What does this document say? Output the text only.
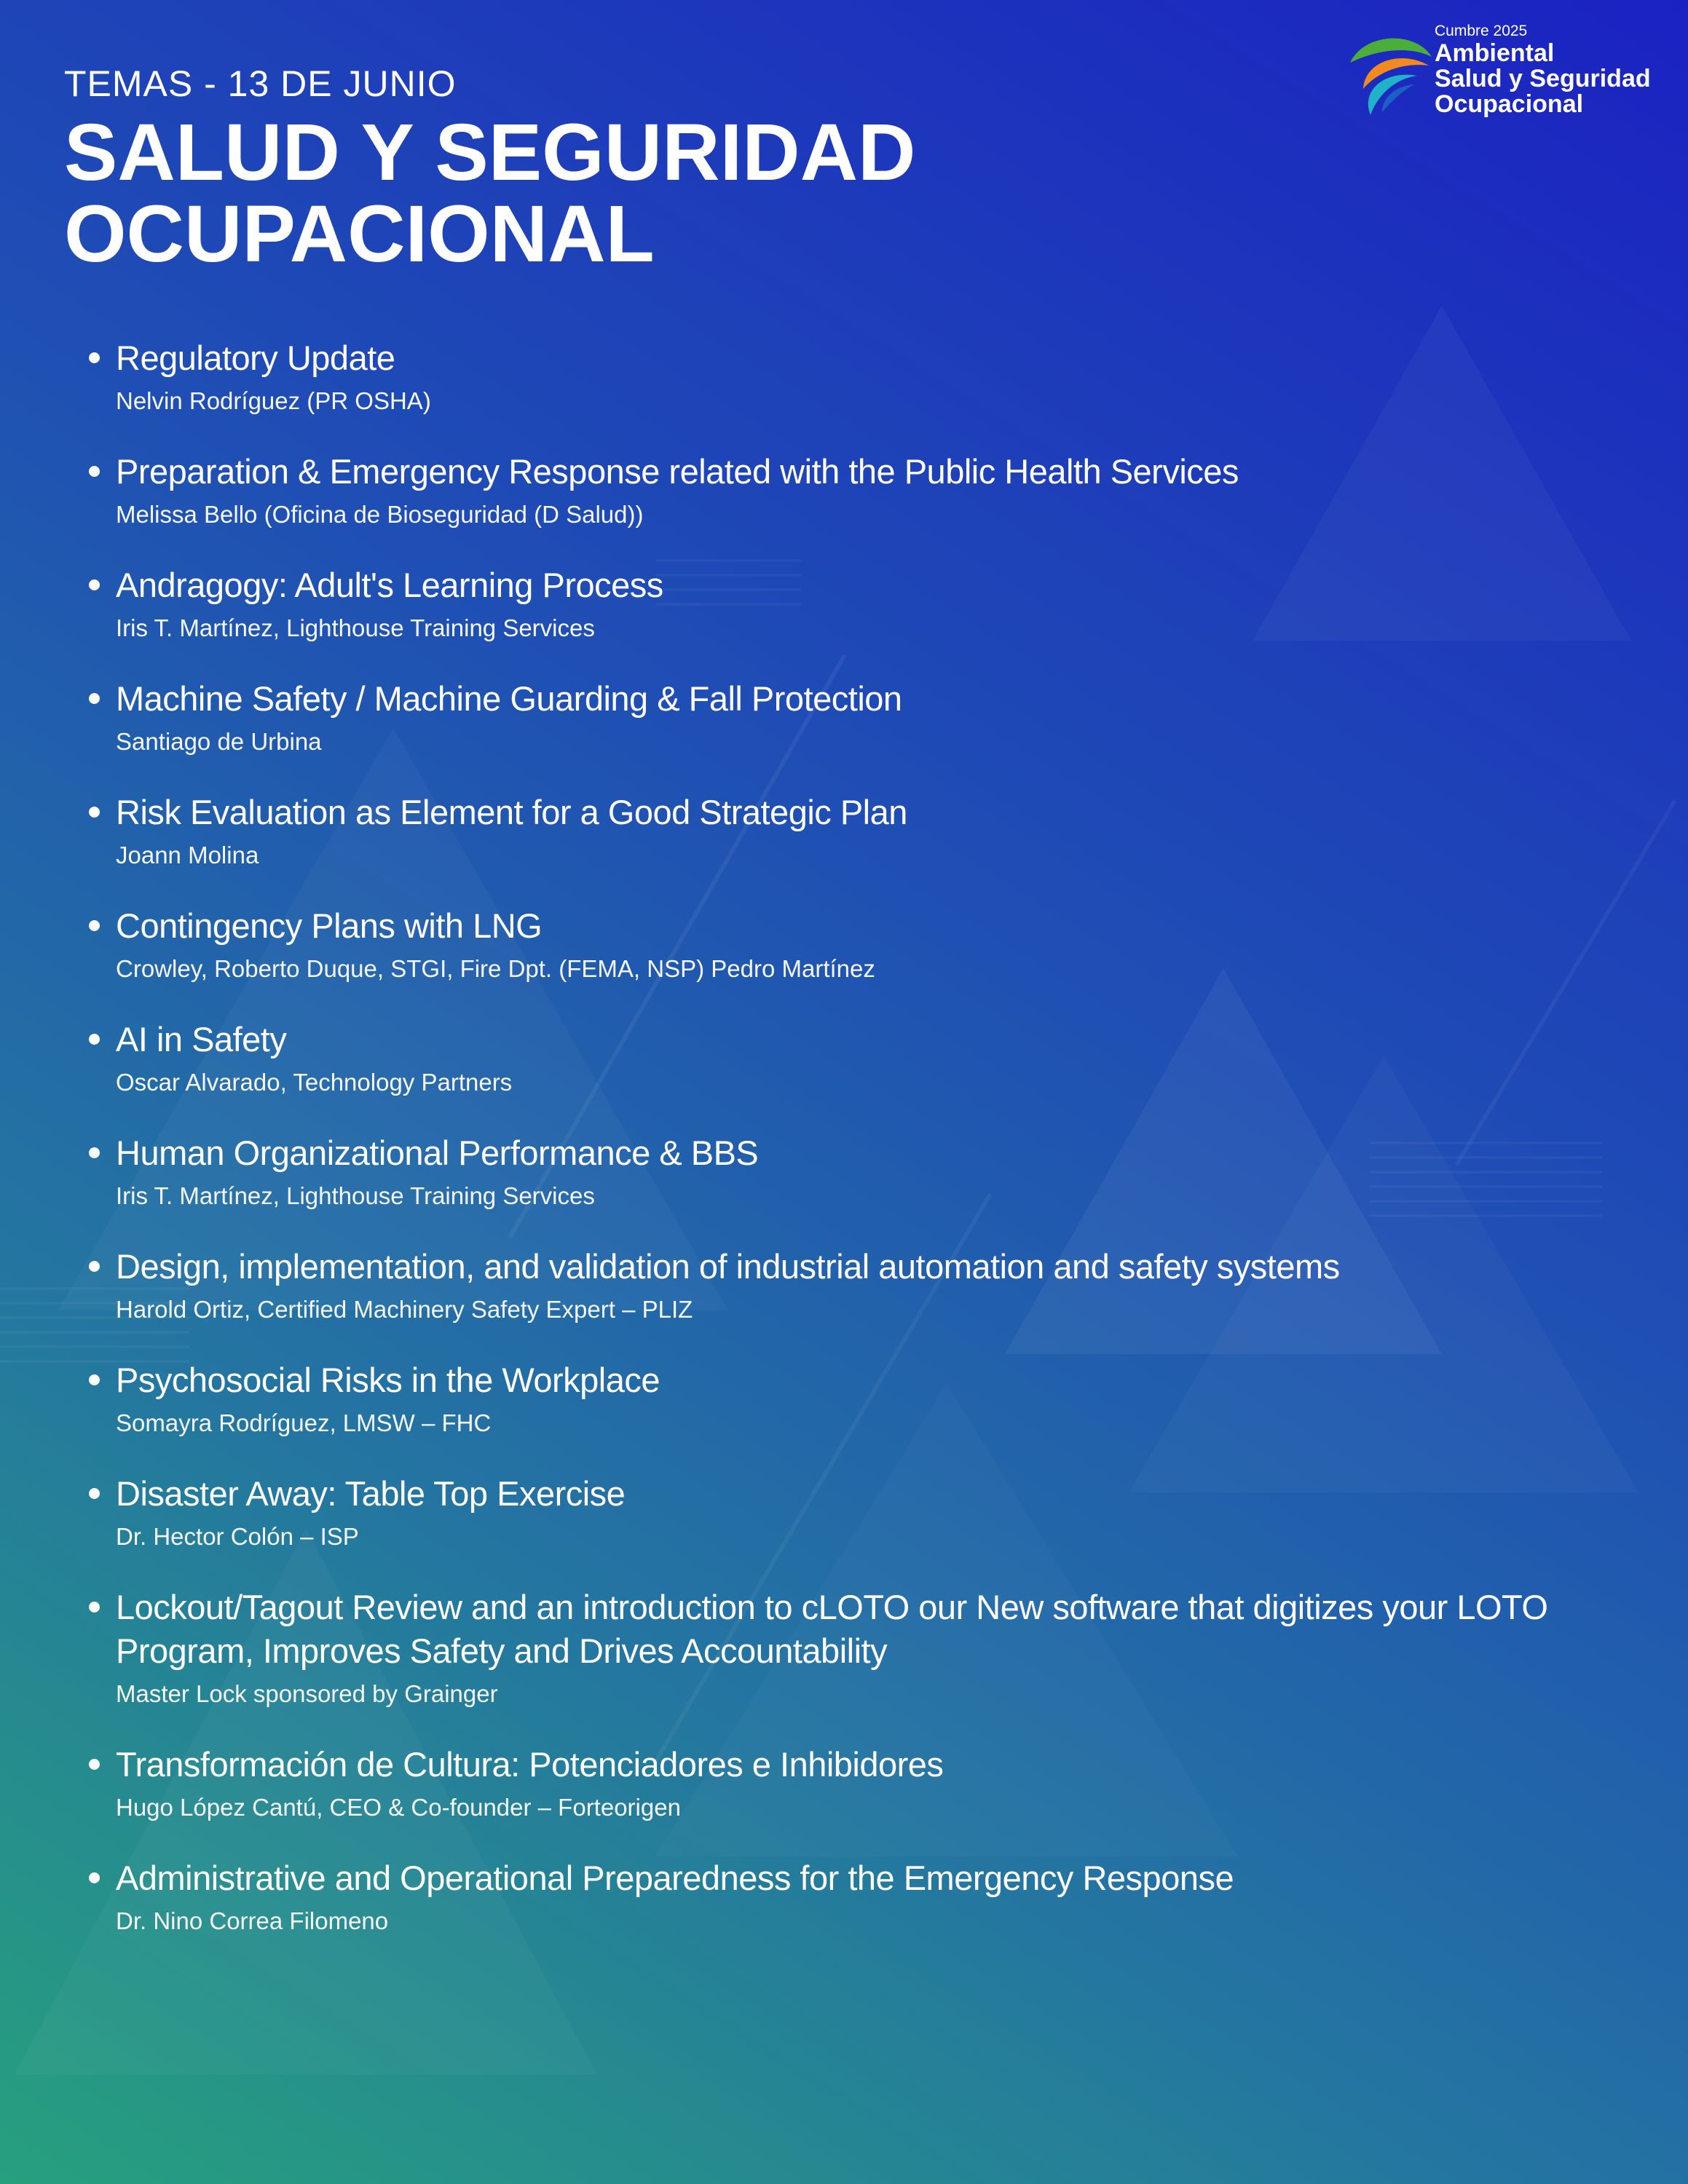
Cumbre 2025
Ambiental
Salud y Seguridad
Ocupacional
TEMAS - 13 DE JUNIO
SALUD Y SEGURIDAD
OCUPACIONAL
Regulatory Update
Nelvin Rodríguez (PR OSHA)
Preparation & Emergency Response related with the Public Health Services
Melissa Bello (Oficina de Bioseguridad (D Salud))
Andragogy: Adult's Learning Process
Iris T. Martínez, Lighthouse Training Services
Machine Safety / Machine Guarding & Fall Protection
Santiago de Urbina
Risk Evaluation as Element for a Good Strategic Plan
Joann Molina
Contingency Plans with LNG
Crowley, Roberto Duque, STGI, Fire Dpt. (FEMA, NSP) Pedro Martínez
AI in Safety
Oscar Alvarado, Technology Partners
Human Organizational Performance & BBS
Iris T. Martínez, Lighthouse Training Services
Design, implementation, and validation of industrial automation and safety systems
Harold Ortiz, Certified Machinery Safety Expert – PLIZ
Psychosocial Risks in the Workplace
Somayra Rodríguez, LMSW – FHC
Disaster Away: Table Top Exercise
Dr. Hector Colón – ISP
Lockout/Tagout Review and an introduction to cLOTO our New software that digitizes your LOTO Program, Improves Safety and Drives Accountability
Master Lock sponsored by Grainger
Transformación de Cultura: Potenciadores e Inhibidores
Hugo López Cantú, CEO & Co-founder – Forteorigen
Administrative and Operational Preparedness for the Emergency Response
Dr. Nino Correa Filomeno
